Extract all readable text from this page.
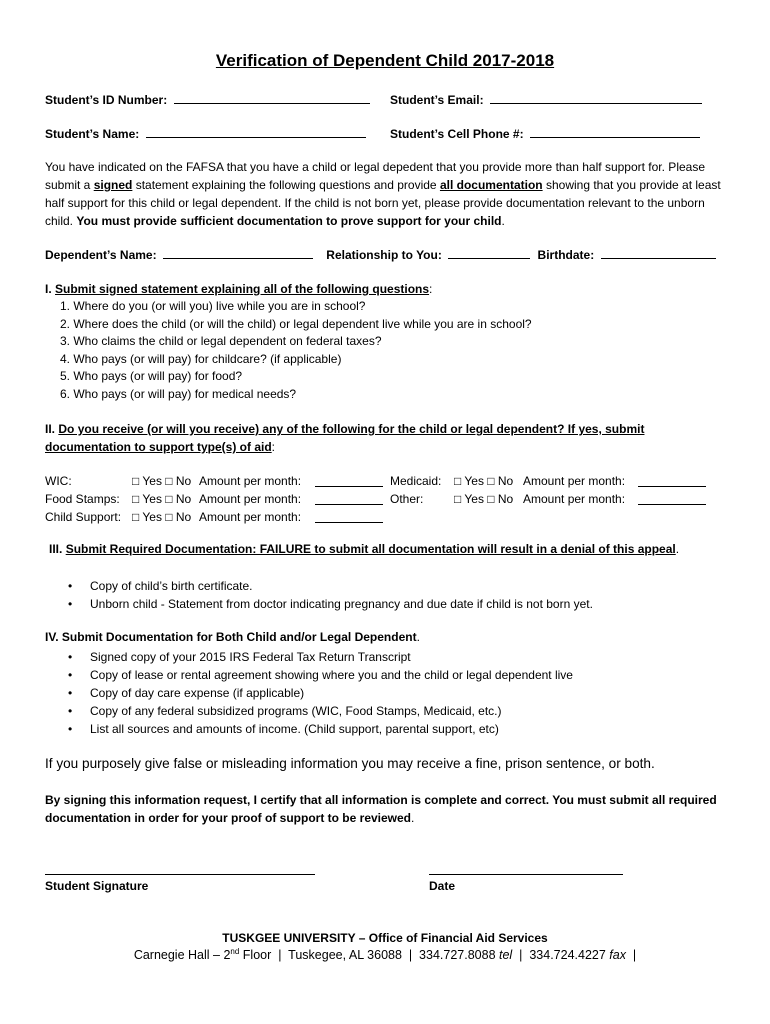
Verification of Dependent Child 2017-2018
Student’s ID Number:	Student’s Email:
Student’s Name:	Student’s Cell Phone #:
You have indicated on the FAFSA that you have a child or legal depedent that you provide more than half support for. Please submit a signed statement explaining the following questions and provide all documentation showing that you provide at least half support for this child or legal dependent. If the child is not born yet, please provide documentation relevant to the unborn child. You must provide sufficient documentation to prove support for your child.
Dependent’s Name:	Relationship to You:	Birthdate:
I. Submit signed statement explaining all of the following questions:
1. Where do you (or will you) live while you are in school?
2. Where does the child (or will the child) or legal dependent live while you are in school?
3. Who claims the child or legal dependent on federal taxes?
4. Who pays (or will pay) for childcare? (if applicable)
5. Who pays (or will pay) for food?
6. Who pays (or will pay) for medical needs?
II. Do you receive (or will you receive) any of the following for the child or legal dependent? If yes, submit
documentation to support type(s) of aid:
WIC:	□ Yes □ No Amount per month:	Medicaid: □ Yes □ No Amount per month:
Food Stamps: □ Yes □ No Amount per month:	Other:	□ Yes □ No Amount per month:
Child Support: □ Yes □ No Amount per month:
III. Submit Required Documentation: FAILURE to submit all documentation will result in a denial of this appeal.
• Copy of child’s birth certificate.
• Unborn child - Statement from doctor indicating pregnancy and due date if child is not born yet.
IV. Submit Documentation for Both Child and/or Legal Dependent.
• Signed copy of your 2015 IRS Federal Tax Return Transcript
• Copy of lease or rental agreement showing where you and the child or legal dependent live
• Copy of day care expense (if applicable)
• Copy of any federal subsidized programs (WIC, Food Stamps, Medicaid, etc.)
• List all sources and amounts of income. (Child support, parental support, etc)
If you purposely give false or misleading information you may receive a fine, prison sentence, or both.
By signing this information request, I certify that all information is complete and correct. You must submit all required documentation in order for your proof of support to be reviewed.
Student Signature	Date
TUSKGEE UNIVERSITY – Office of Financial Aid Services
Carnegie Hall – 2nd Floor  |  Tuskegee, AL 36088  |  334.727.8088 tel  |  334.724.4227 fax  |
